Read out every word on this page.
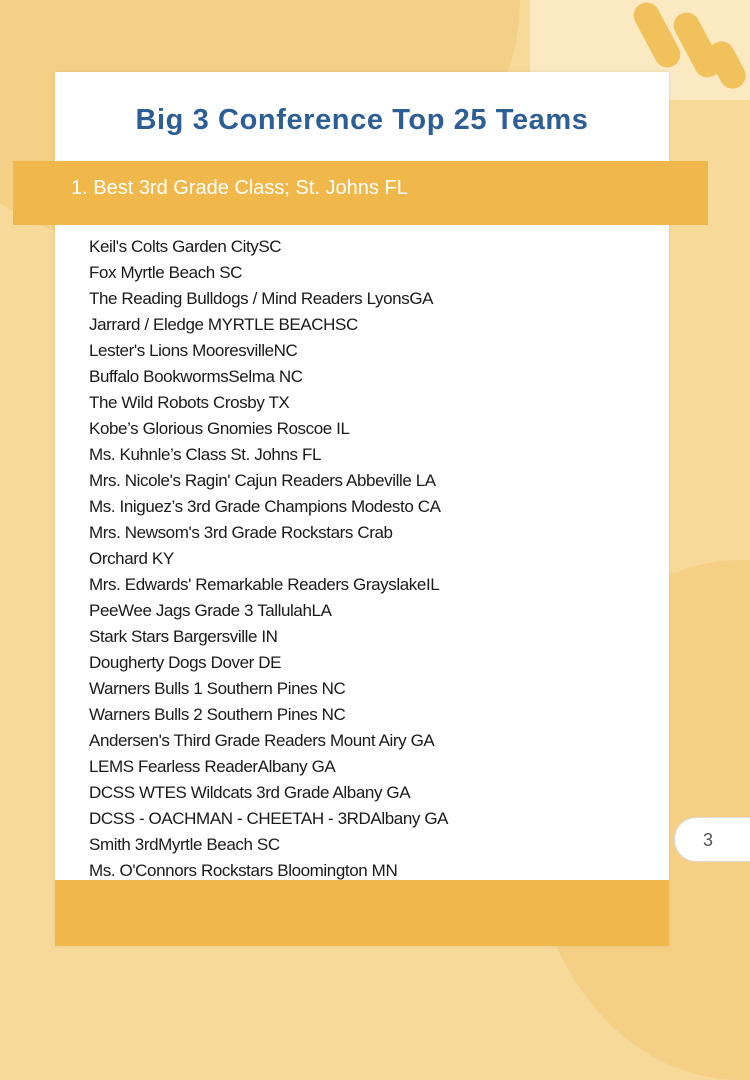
Big 3 Conference Top 25 Teams
1. Best 3rd Grade Class; St. Johns FL
Keil's Colts Garden CitySC
Fox Myrtle Beach SC
The Reading Bulldogs / Mind Readers LyonsGA
Jarrard / Eledge MYRTLE BEACHSC
Lester's Lions MooresvilleNC
Buffalo BookwormsSelma NC
The Wild Robots Crosby TX
Kobe’s Glorious Gnomies Roscoe IL
Ms. Kuhnle’s Class St. Johns FL
Mrs. Nicole's Ragin' Cajun Readers Abbeville LA
Ms. Iniguez’s 3rd Grade Champions Modesto CA
Mrs. Newsom's 3rd Grade Rockstars Crab
Orchard KY
Mrs. Edwards' Remarkable Readers GrayslakeIL
PeeWee Jags Grade 3 TallulahLA
Stark Stars Bargersville IN
Dougherty Dogs Dover DE
Warners Bulls 1 Southern Pines NC
Warners Bulls 2 Southern Pines NC
Andersen's Third Grade Readers Mount Airy GA
LEMS Fearless ReaderAlbany GA
DCSS WTES Wildcats 3rd Grade Albany GA
DCSS - OACHMAN - CHEETAH - 3RDAlbany GA
Smith 3rdMyrtle Beach SC
Ms. O'Connors Rockstars Bloomington MN
3
